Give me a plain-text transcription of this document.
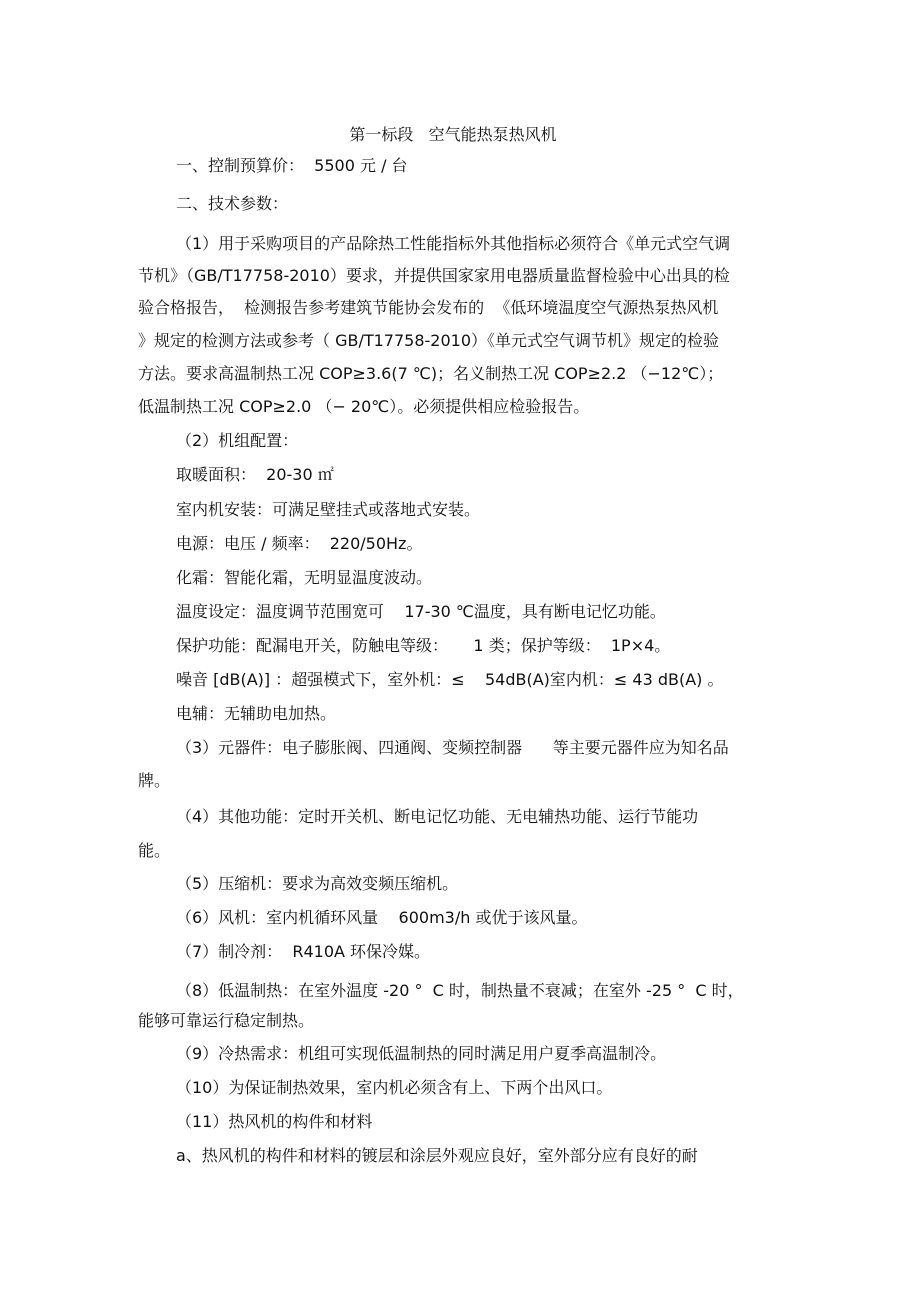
第一标段   空气能热泵热风机

一、控制预算价：  5500 元 / 台

二、技术参数：

（1）用于采购项目的产品除热工性能指标外其他指标必须符合《单元式空气调

节机》（GB/T17758-2010）要求，并提供国家家用电器质量监督检验中心出具的检

验合格报告，  检测报告参考建筑节能协会发布的  《低环境温度空气源热泵热风机

》规定的检测方法或参考（ GB/T17758-2010）《单元式空气调节机》规定的检验

方法。要求高温制热工况 COP≥3.6(7 ℃)；名义制热工况 COP≥2.2 （−12℃）；

低温制热工况 COP≥2.0 （− 20℃）。必须提供相应检验报告。

（2）机组配置：

取暖面积：  20-30 ㎡

室内机安装：可满足壁挂式或落地式安装。

电源：电压 / 频率：  220/50Hz。

化霜：智能化霜，无明显温度波动。

温度设定：温度调节范围宽可    17-30 ℃温度，具有断电记忆功能。

保护功能：配漏电开关，防触电等级：     1 类；保护等级：  1P×4。

噪音 [dB(A)] ：超强模式下，室外机：≤    54dB(A)室内机：≤ 43 dB(A) 。

电辅：无辅助电加热。

（3）元器件：电子膨胀阀、四通阀、变频控制器      等主要元器件应为知名品

牌。

（4）其他功能：定时开关机、断电记忆功能、无电辅热功能、运行节能功

能。

（5）压缩机：要求为高效变频压缩机。

（6）风机：室内机循环风量    600m3/h 或优于该风量。

（7）制冷剂：  R410A 环保冷媒。

（8）低温制热：在室外温度 -20 °  C 时，制热量不衰减；在室外 -25 °  C 时，

能够可靠运行稳定制热。

（9）冷热需求：机组可实现低温制热的同时满足用户夏季高温制冷。

（10）为保证制热效果，室内机必须含有上、下两个出风口。

（11）热风机的构件和材料

a、热风机的构件和材料的镀层和涂层外观应良好，室外部分应有良好的耐
